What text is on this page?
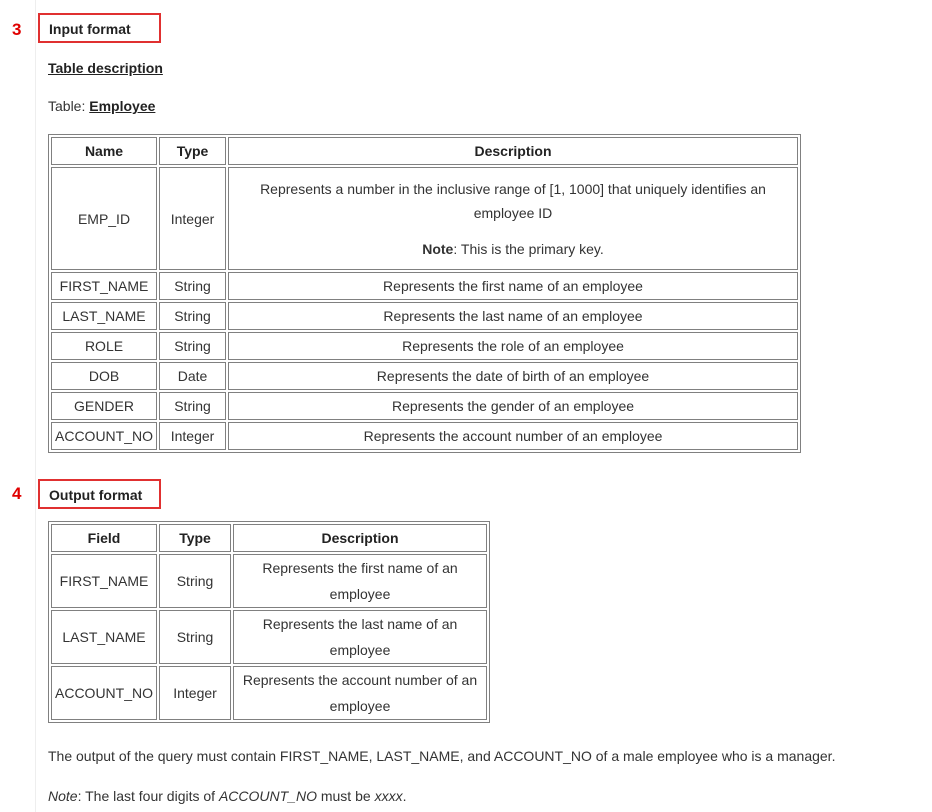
3	Input format
Table description
Table: Employee
Name	Type	Description
EMP_ID	Integer	Represents a number in the inclusive range of [1, 1000] that uniquely identifies an employee ID
Note: This is the primary key.

FIRST_NAME	String	Represents the first name of an employee
LAST_NAME	String	Represents the last name of an employee
ROLE	String	Represents the role of an employee
DOB	Date	Represents the date of birth of an employee
GENDER	String	Represents the gender of an employee
ACCOUNT_NO	Integer	Represents the account number of an employee
4	Output format
Field	Type	Description
FIRST_NAME	String	Represents the first name of an employee
LAST_NAME	String	Represents the last name of an employee
ACCOUNT_NO	Integer	Represents the account number of an employee
The output of the query must contain FIRST_NAME, LAST_NAME, and ACCOUNT_NO of a male employee who is a manager.
Note: The last four digits of ACCOUNT_NO must be xxxx.
